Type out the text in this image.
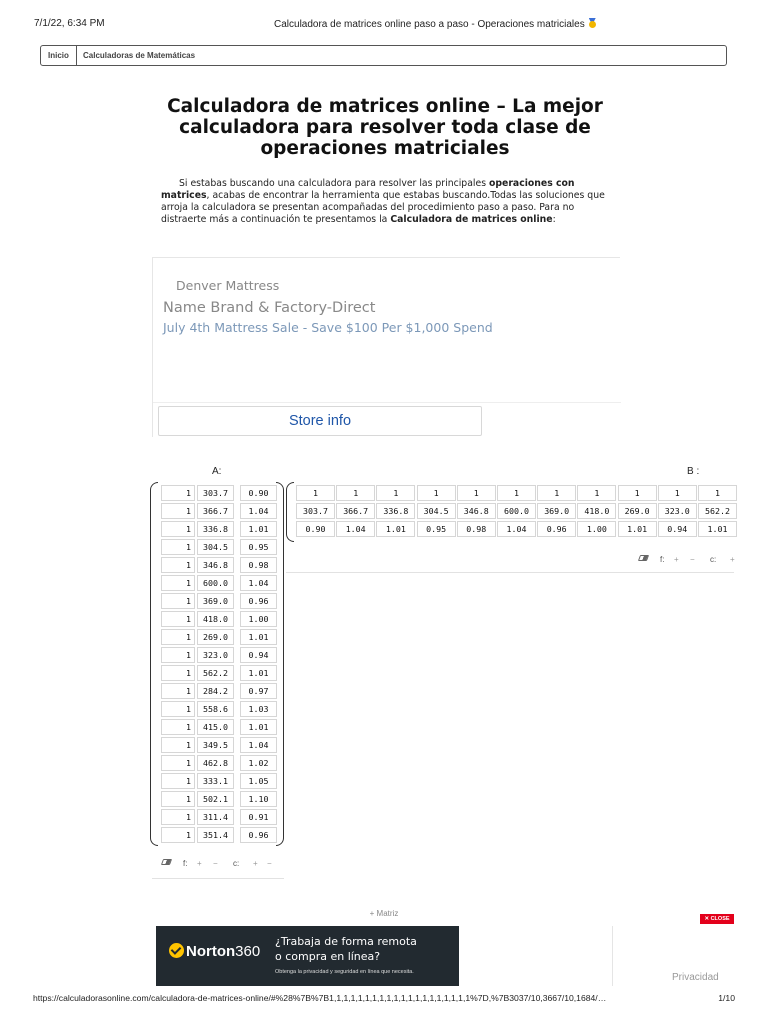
7/1/22, 6:34 PM	Calculadora de matrices online paso a paso - Operaciones matriciales
Inicio Calculadoras de Matemáticas
Calculadora de matrices online – La mejor calculadora para resolver toda clase de operaciones matriciales

Si estabas buscando una calculadora para resolver las principales operaciones con matrices, acabas de encontrar la herramienta que estabas buscando.Todas las soluciones que arroja la calculadora se presentan acompañadas del procedimiento paso a paso. Para no distraerte más a continuación te presentamos la Calculadora de matrices online:

Denver Mattress
Name Brand & Factory-Direct
July 4th Mattress Sale - Save $100 Per $1,000 Spend
Store info
A:	B :
1	303.7	0.90
1	366.7	1.04
1	336.8	1.01
1	304.5	0.95
1	346.8	0.98
1	600.0	1.04
1	369.0	0.96
1	418.0	1.00
1	269.0	1.01
1	323.0	0.94
1	562.2	1.01
1	284.2	0.97
1	558.6	1.03
1	415.0	1.01
1	349.5	1.04
1	462.8	1.02
1	333.1	1.05
1	502.1	1.10
1	311.4	0.91
1	351.4	0.96
f: + − c: + −
1	1	1	1	1	1	1	1	1	1	1
303.7	366.7	336.8	304.5	346.8	600.0	369.0	418.0	269.0	323.0	562.2
0.90	1.04	1.01	0.95	0.98	1.04	0.96	1.00	1.01	0.94	1.01
f: + − c: +
+ Matriz
✕ CLOSE
Norton360
¿Trabaja de forma remota
o compra en línea?
Obtenga la privacidad y seguridad en línea que necesita.	Privacidad
https://calculadorasonline.com/calculadora-de-matrices-online/#%28%7B%7B1,1,1,1,1,1,1,1,1,1,1,1,1,1,1,1,1,1,1,1%7D,%7B3037/10,3667/10,1684/…	1/10
